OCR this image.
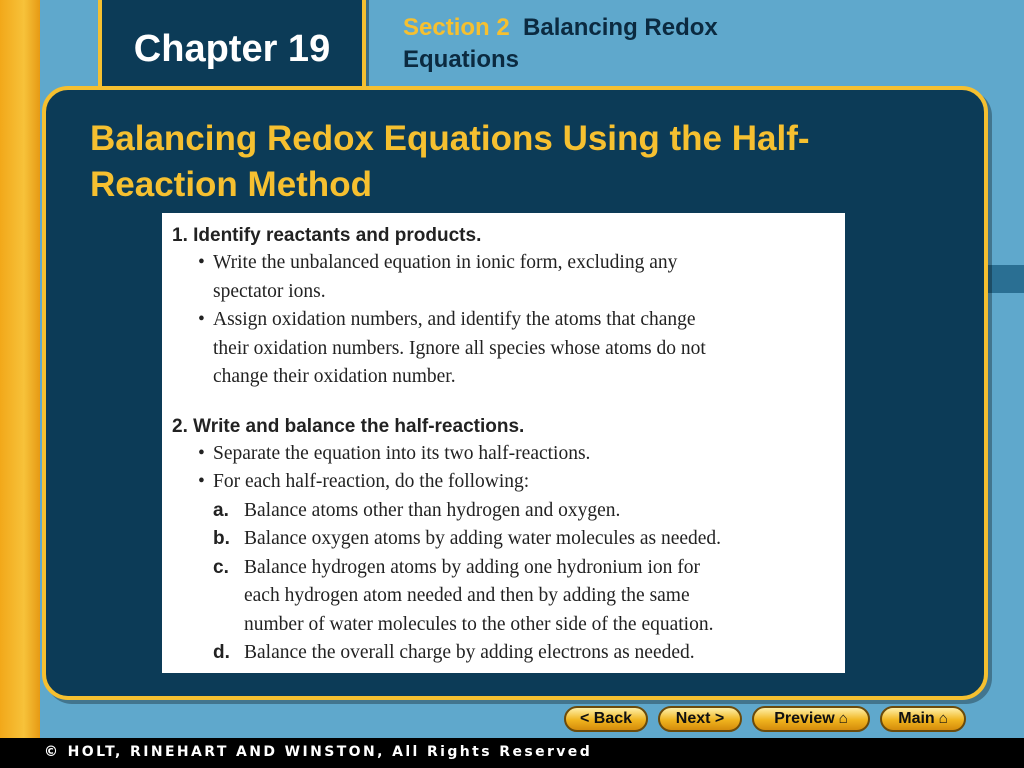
Chapter 19
Section 2 Balancing Redox Equations
Balancing Redox Equations Using the Half-Reaction Method
1. Identify reactants and products.
• Write the unbalanced equation in ionic form, excluding any
spectator ions.
• Assign oxidation numbers, and identify the atoms that change
their oxidation numbers. Ignore all species whose atoms do not
change their oxidation number.
2. Write and balance the half-reactions.
• Separate the equation into its two half-reactions.
• For each half-reaction, do the following:
a. Balance atoms other than hydrogen and oxygen.
b. Balance oxygen atoms by adding water molecules as needed.
c. Balance hydrogen atoms by adding one hydronium ion for
each hydrogen atom needed and then by adding the same
number of water molecules to the other side of the equation.
d. Balance the overall charge by adding electrons as needed.
< Back	Next >	Preview ⌂	Main ⌂
© HOLT, RINEHART AND WINSTON, All Rights Reserved
